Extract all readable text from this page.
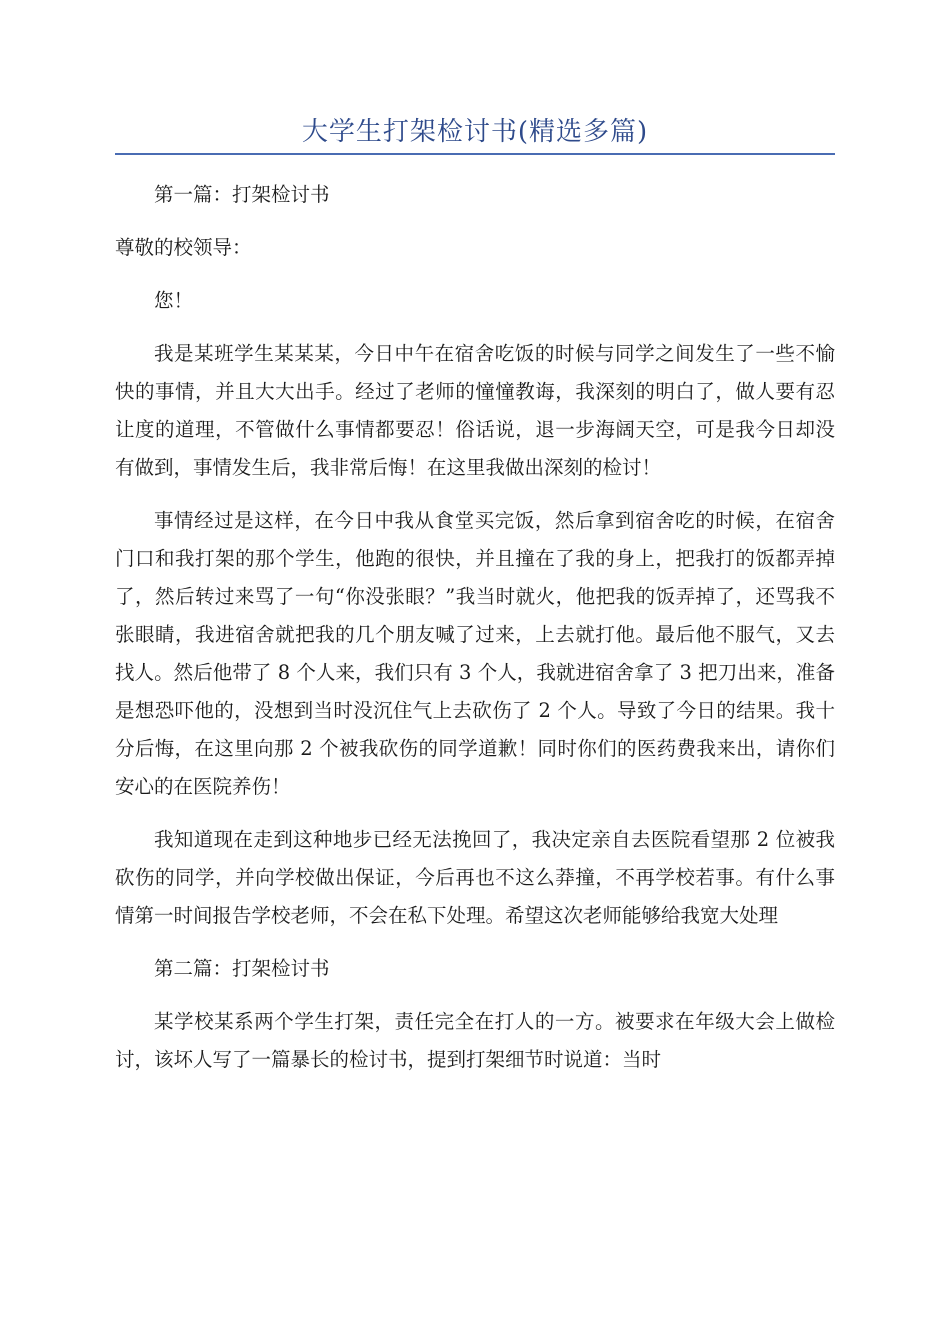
大学生打架检讨书(精选多篇)

第一篇：打架检讨书

尊敬的校领导：

您！

我是某班学生某某某，今日中午在宿舍吃饭的时候与同学之间发生了一些不愉快的事情，并且大大出手。经过了老师的憧憧教诲，我深刻的明白了，做人要有忍让度的道理，不管做什么事情都要忍！俗话说，退一步海阔天空，可是我今日却没有做到，事情发生后，我非常后悔！在这里我做出深刻的检讨！

事情经过是这样，在今日中我从食堂买完饭，然后拿到宿舍吃的时候，在宿舍门口和我打架的那个学生，他跑的很快，并且撞在了我的身上，把我打的饭都弄掉了，然后转过来骂了一句“你没张眼？”我当时就火，他把我的饭弄掉了，还骂我不张眼睛，我进宿舍就把我的几个朋友喊了过来，上去就打他。最后他不服气，又去找人。然后他带了 8 个人来，我们只有 3 个人，我就进宿舍拿了 3 把刀出来，准备是想恐吓他的，没想到当时没沉住气上去砍伤了 2 个人。导致了今日的结果。我十分后悔，在这里向那 2 个被我砍伤的同学道歉！同时你们的医药费我来出，请你们安心的在医院养伤！

我知道现在走到这种地步已经无法挽回了，我决定亲自去医院看望那 2 位被我砍伤的同学，并向学校做出保证，今后再也不这么莽撞，不再学校若事。有什么事情第一时间报告学校老师，不会在私下处理。希望这次老师能够给我宽大处理

第二篇：打架检讨书

某学校某系两个学生打架，责任完全在打人的一方。被要求在年级大会上做检讨，该坏人写了一篇暴长的检讨书，提到打架细节时说道：当时
